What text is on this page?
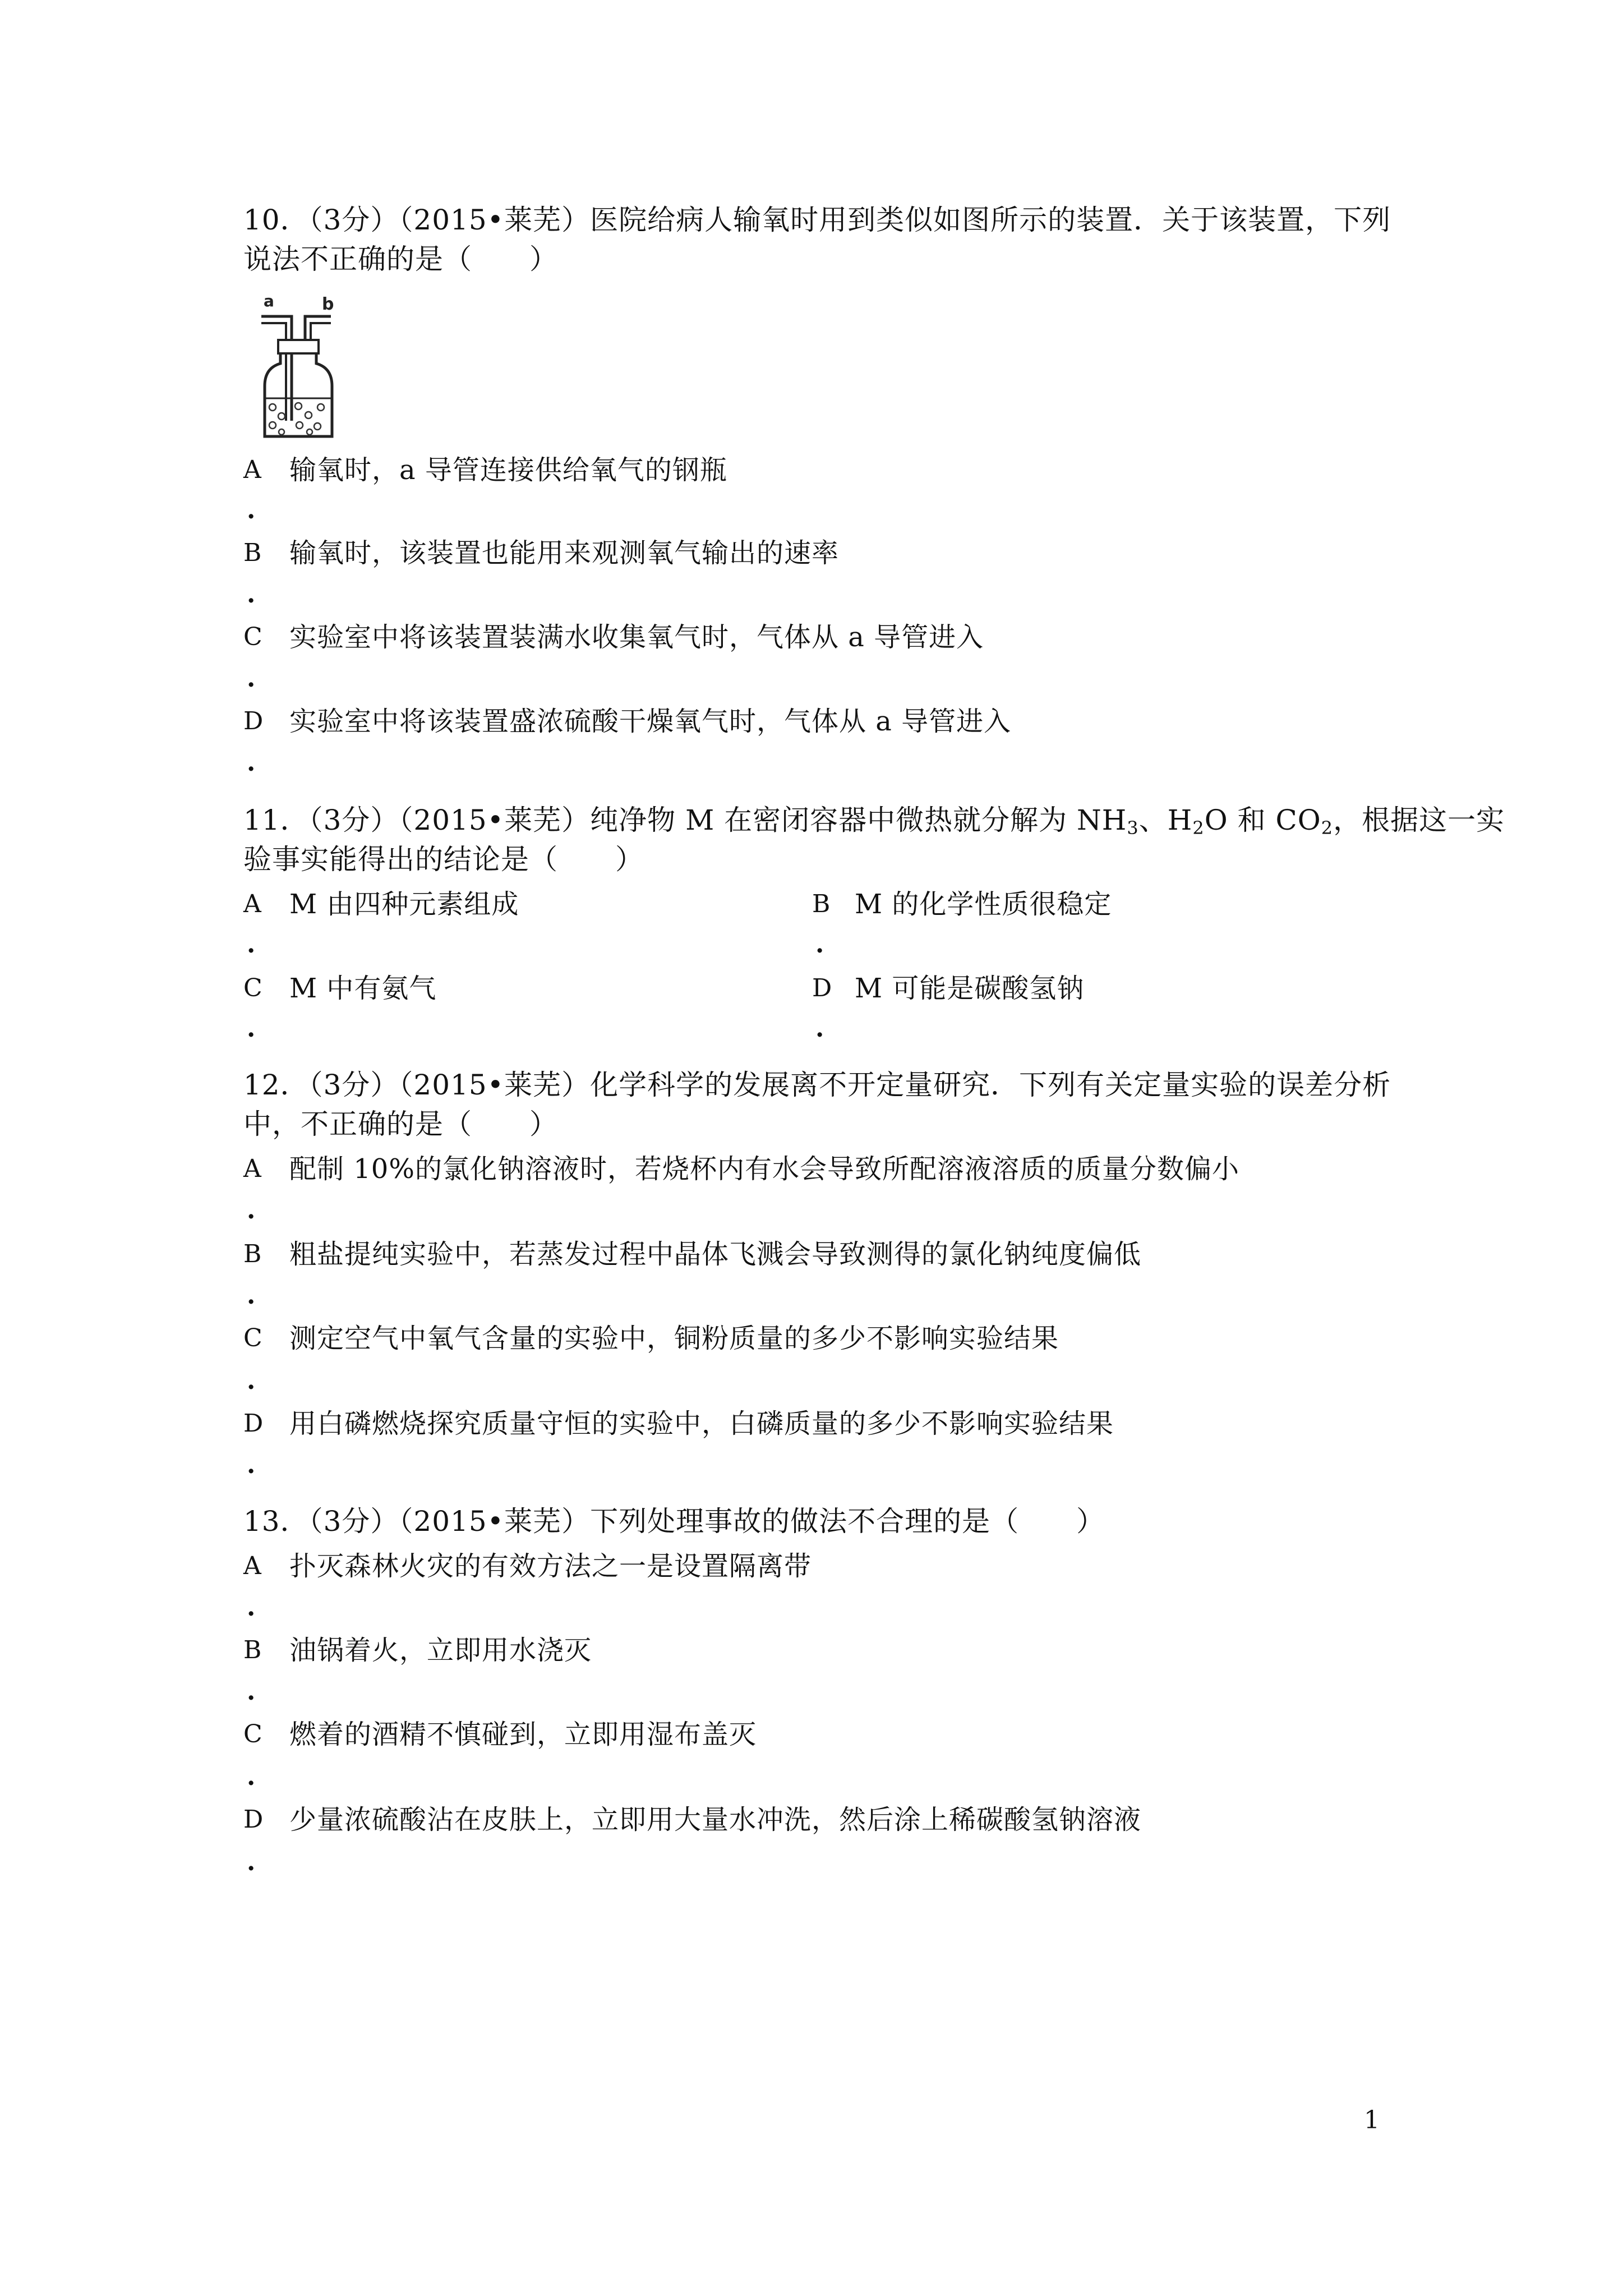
10．（3分）（2015•莱芜）医院给病人输氧时用到类似如图所示的装置．关于该装置，下列
说法不正确的是（　　）
a	b
A 输氧时，a 导管连接供给氧气的钢瓶
.
B 输氧时，该装置也能用来观测氧气输出的速率
.
C 实验室中将该装置装满水收集氧气时，气体从 a 导管进入
.
D 实验室中将该装置盛浓硫酸干燥氧气时，气体从 a 导管进入
.
11．（3分）（2015•莱芜）纯净物 M 在密闭容器中微热就分解为 $NH_3$、$H_2O$ 和 $CO_2$，根据这一实
验事实能得出的结论是（　　）
A M 由四种元素组成
.
B M 的化学性质很稳定
.
C M 中有氨气
.
D M 可能是碳酸氢钠
.
12．（3分）（2015•莱芜）化学科学的发展离不开定量研究．下列有关定量实验的误差分析
中，不正确的是（　　）
A 配制 10%的氯化钠溶液时，若烧杯内有水会导致所配溶液溶质的质量分数偏小
.
B 粗盐提纯实验中，若蒸发过程中晶体飞溅会导致测得的氯化钠纯度偏低
.
C 测定空气中氧气含量的实验中，铜粉质量的多少不影响实验结果
.
D 用白磷燃烧探究质量守恒的实验中，白磷质量的多少不影响实验结果
.
13．（3分）（2015•莱芜）下列处理事故的做法不合理的是（　　）
A 扑灭森林火灾的有效方法之一是设置隔离带
.
B 油锅着火，立即用水浇灭
.
C 燃着的酒精不慎碰到，立即用湿布盖灭
.
D 少量浓硫酸沾在皮肤上，立即用大量水冲洗，然后涂上稀碳酸氢钠溶液
.
1
